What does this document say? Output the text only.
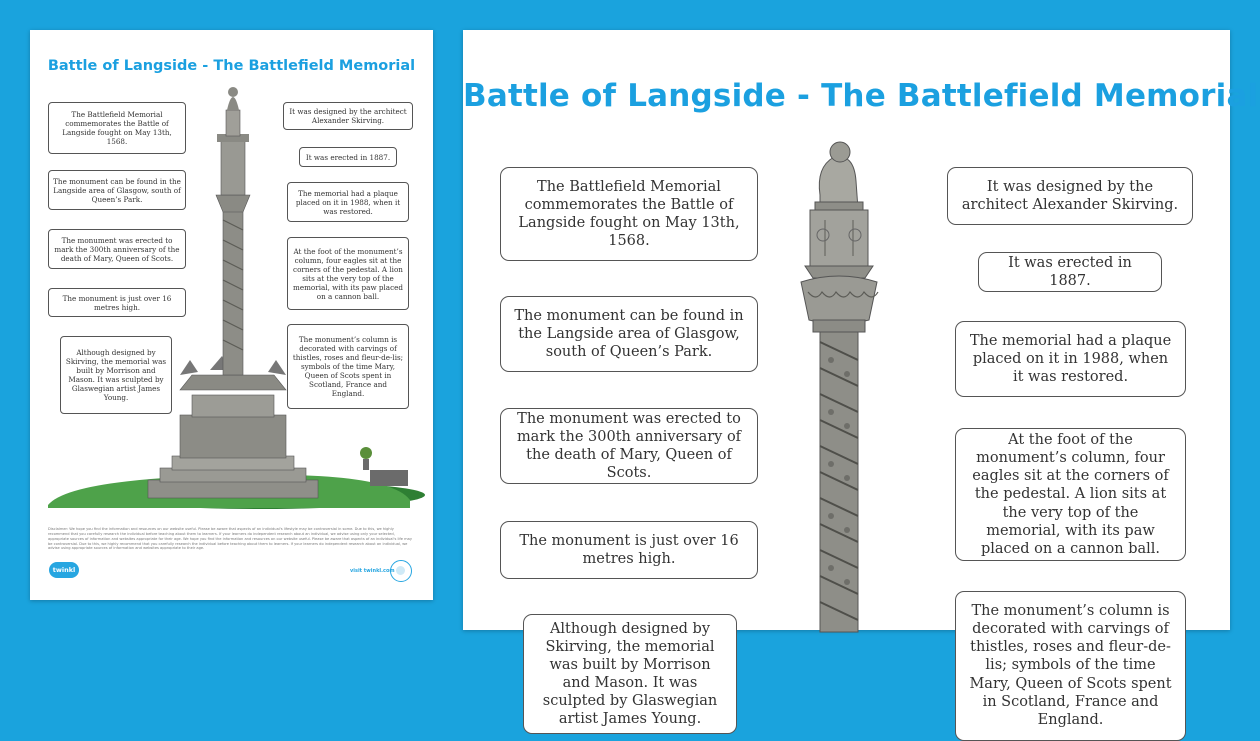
Battle of Langside - The Battlefield Memorial
The Battlefield Memorial commemorates the Battle of Langside fought on May 13th, 1568.
The monument can be found in the Langside area of Glasgow, south of Queen’s Park.
The monument was erected to mark the 300th anniversary of the death of Mary, Queen of Scots.
The monument is just over 16 metres high.
Although designed by Skirving, the memorial was built by Morrison and Mason. It was sculpted by Glaswegian artist James Young.
It was designed by the architect Alexander Skirving.
It was erected in 1887.
The memorial had a plaque placed on it in 1988, when it was restored.
At the foot of the monument’s column, four eagles sit at the corners of the pedestal. A lion sits at the very top of the memorial, with its paw placed on a cannon ball.
The monument’s column is decorated with carvings of thistles, roses and fleur-de-lis; symbols of the time Mary, Queen of Scots spent in Scotland, France and England.
Disclaimer: We hope you find the information and resources on our website useful. Please be aware that aspects of an individual's lifestyle may be controversial in some. Due to this, we highly recommend that you carefully research the individual before teaching about them to learners. If your learners do independent research about an individual, we advise using only your selected, appropriate sources of information and websites appropriate for their age. We hope you find the information and resources on our website useful. Please be aware that aspects of an individual's life may be controversial. Due to this, we highly recommend that you carefully research the individual before teaching about them to learners. If your learners do independent research about an individual, we advise using appropriate sources of information and websites appropriate to their age.
twinkl	visit twinkl.com
Battle of Langside - The Battlefield Memorial
The Battlefield Memorial commemorates the Battle of Langside fought on May 13th, 1568.
The monument can be found in the Langside area of Glasgow, south of Queen’s Park.
The monument was erected to mark the 300th anniversary of the death of Mary, Queen of Scots.
The monument is just over 16 metres high.
Although designed by Skirving, the memorial was built by Morrison and Mason. It was sculpted by Glaswegian artist James Young.
It was designed by the architect Alexander Skirving.
It was erected in 1887.
The memorial had a plaque placed on it in 1988, when it was restored.
At the foot of the monument’s column, four eagles sit at the corners of the pedestal. A lion sits at the very top of the memorial, with its paw placed on a cannon ball.
The monument’s column is decorated with carvings of thistles, roses and fleur-de-lis; symbols of the time Mary, Queen of Scots spent in Scotland, France and England.
